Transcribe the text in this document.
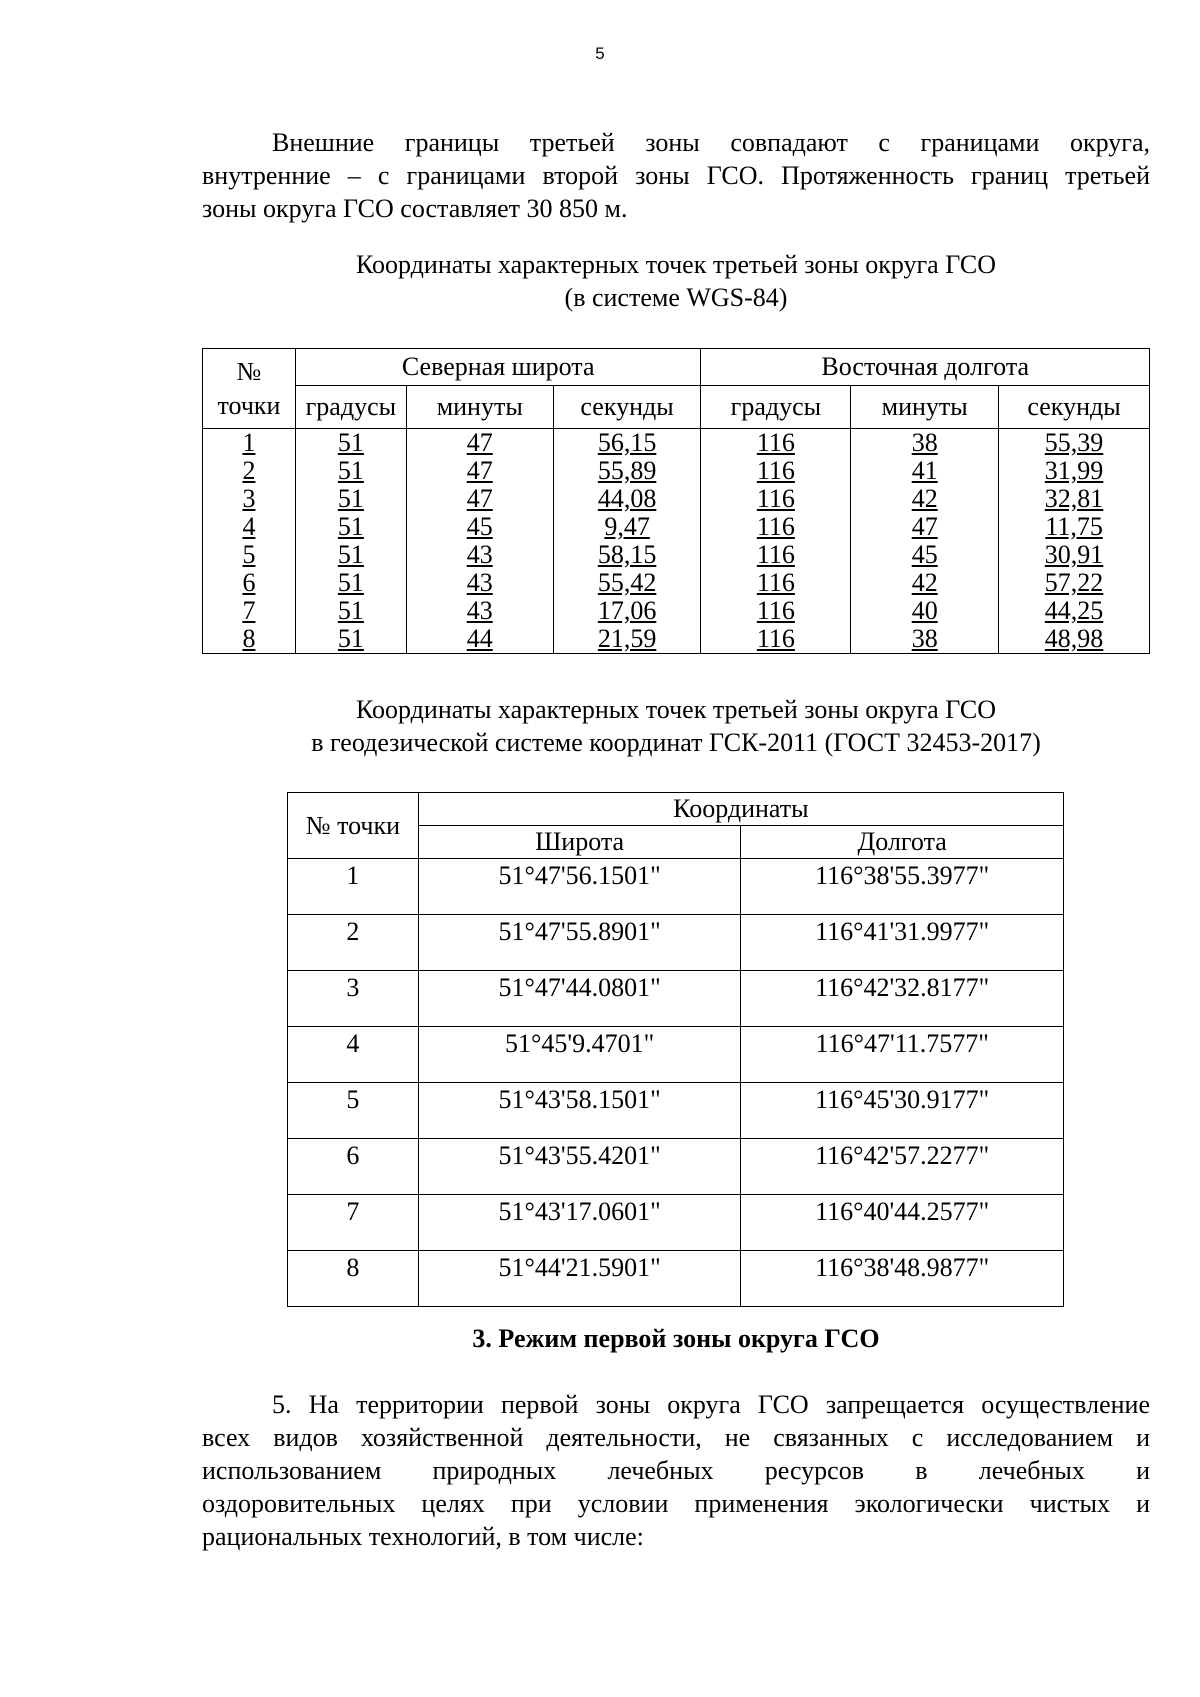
5
Внешние границы третьей зоны совпадают с границами округа,
внутренние – с границами второй зоны ГСО. Протяженность границ третьей
зоны округа ГСО составляет 30 850 м.
Координаты характерных точек третьей зоны округа ГСО
(в системе WGS-84)
№
точки	Северная широта			Восточная долгота		
	градусы	минуты	секунды	градусы	минуты	секунды
1	51	47	56,15	116	38	55,39
2	51	47	55,89	116	41	31,99
3	51	47	44,08	116	42	32,81
4	51	45	9,47	116	47	11,75
5	51	43	58,15	116	45	30,91
6	51	43	55,42	116	42	57,22
7	51	43	17,06	116	40	44,25
8	51	44	21,59	116	38	48,98
Координаты характерных точек третьей зоны округа ГСО
в геодезической системе координат ГСК-2011 (ГОСТ 32453-2017)
№ точки	Координаты	
	Широта	Долгота
1	51°47'56.1501"	116°38'55.3977"
2	51°47'55.8901"	116°41'31.9977"
3	51°47'44.0801"	116°42'32.8177"
4	51°45'9.4701"	116°47'11.7577"
5	51°43'58.1501"	116°45'30.9177"
6	51°43'55.4201"	116°42'57.2277"
7	51°43'17.0601"	116°40'44.2577"
8	51°44'21.5901"	116°38'48.9877"
3. Режим первой зоны округа ГСО
5. На территории первой зоны округа ГСО запрещается осуществление
всех видов хозяйственной деятельности, не связанных с исследованием и
использованием природных лечебных ресурсов в лечебных и
оздоровительных целях при условии применения экологически чистых и
рациональных технологий, в том числе:
